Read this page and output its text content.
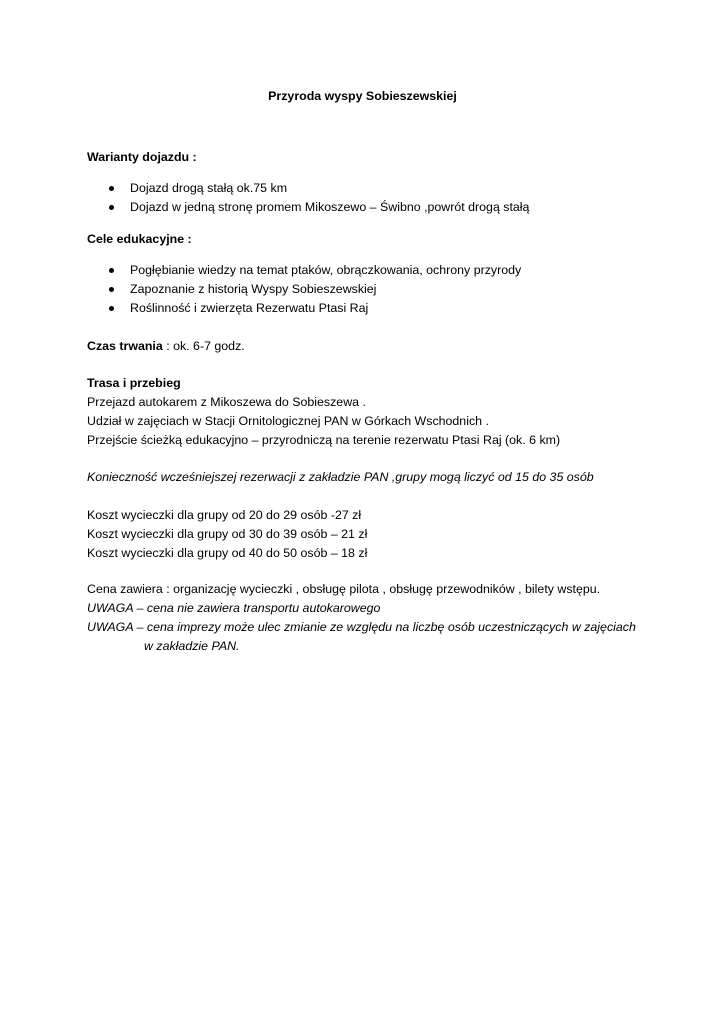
Przyroda wyspy Sobieszewskiej
Warianty dojazdu :
Dojazd drogą stałą ok.75 km
Dojazd w jedną stronę promem Mikoszewo – Świbno ,powrót drogą stałą
Cele edukacyjne :
Pogłębianie wiedzy na temat ptaków, obrączkowania, ochrony przyrody
Zapoznanie z historią Wyspy Sobieszewskiej
Roślinność i zwierzęta Rezerwatu Ptasi Raj
Czas trwania : ok. 6-7 godz.
Trasa i przebieg
Przejazd autokarem z Mikoszewa do Sobieszewa .
Udział w zajęciach w Stacji Ornitologicznej PAN w Górkach Wschodnich .
Przejście ścieżką edukacyjno – przyrodniczą na terenie rezerwatu Ptasi Raj (ok. 6 km)
Konieczność wcześniejszej rezerwacji z zakładzie PAN ,grupy mogą liczyć od 15 do 35 osób
Koszt wycieczki dla grupy od 20 do 29 osób -27 zł
Koszt wycieczki dla grupy od 30 do 39 osób – 21 zł
Koszt wycieczki dla grupy od 40 do 50 osób – 18 zł
Cena zawiera : organizację wycieczki , obsługę pilota , obsługę przewodników , bilety wstępu.
UWAGA – cena nie zawiera transportu autokarowego
UWAGA – cena imprezy może ulec zmianie ze względu na liczbę osób uczestniczących w zajęciach
w zakładzie PAN.
